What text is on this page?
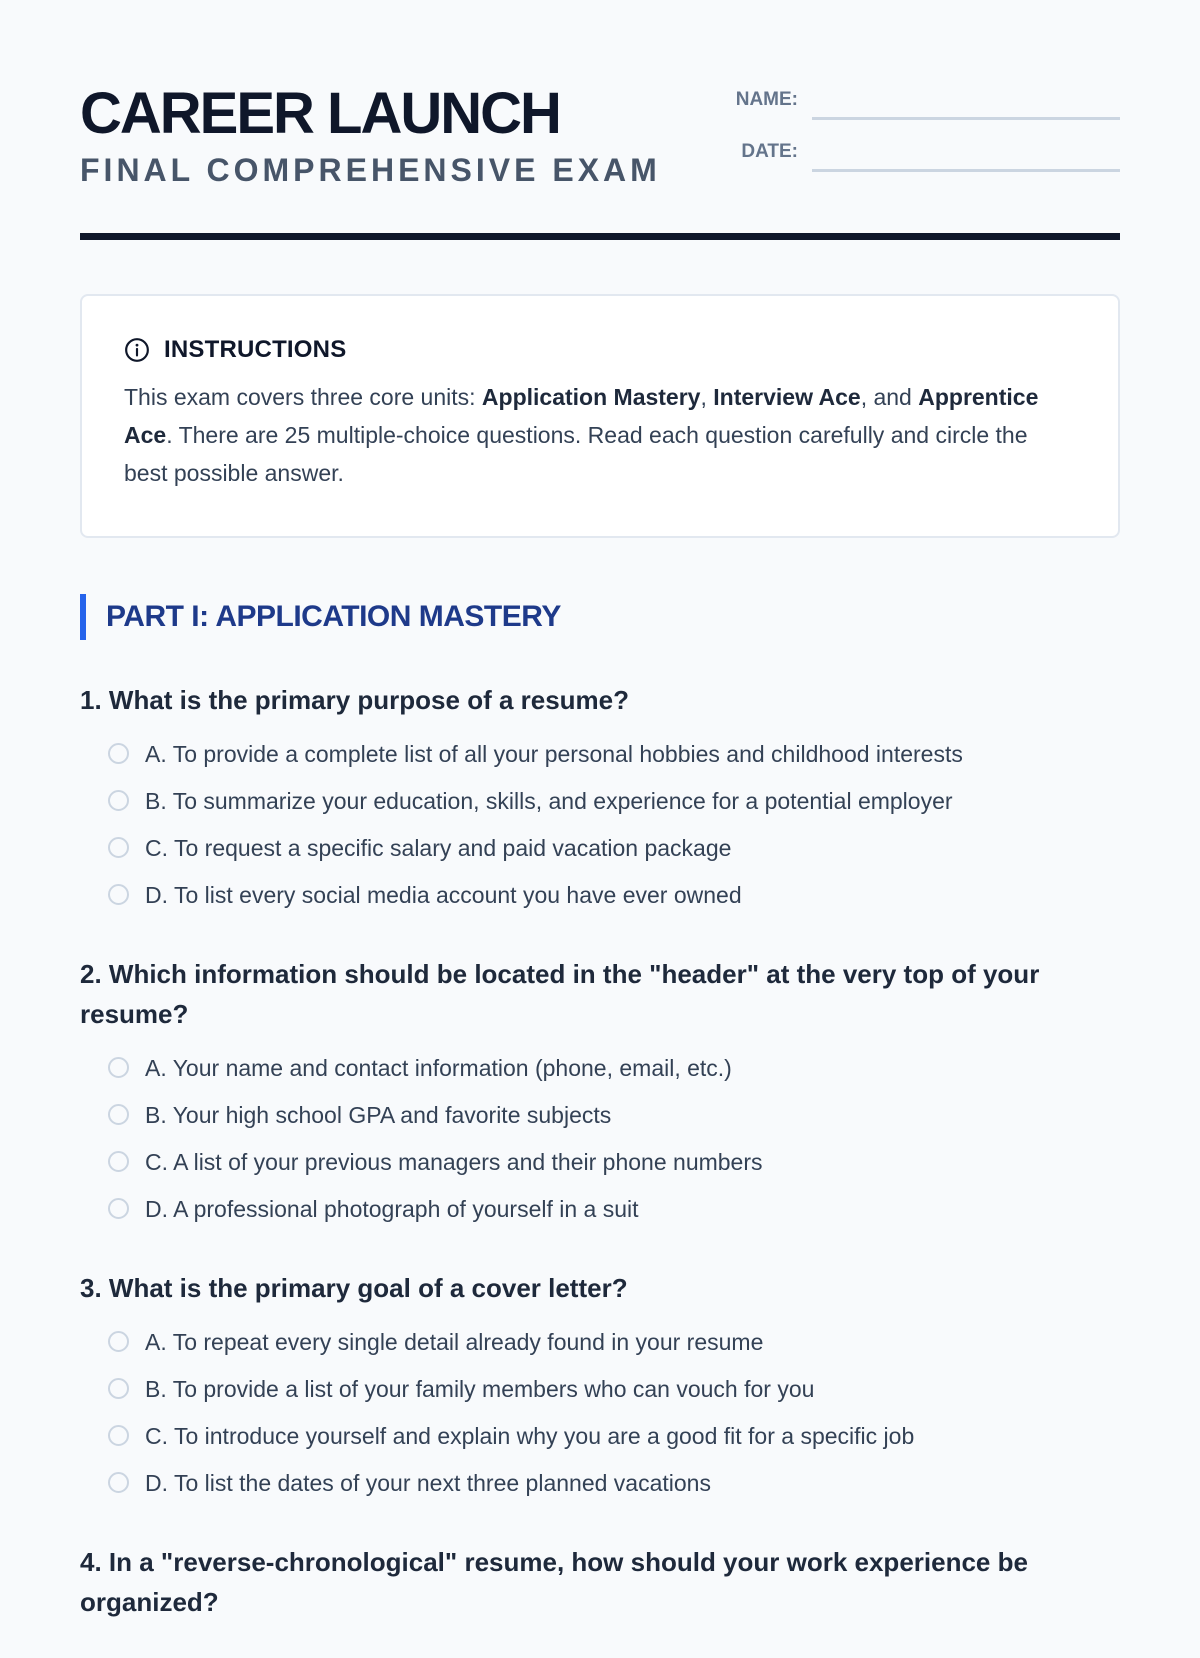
CAREER LAUNCH
FINAL COMPREHENSIVE EXAM
NAME:
DATE:
INSTRUCTIONS

This exam covers three core units: Application Mastery, Interview Ace, and Apprentice Ace. There are 25 multiple-choice questions. Read each question carefully and circle the best possible answer.

PART I: APPLICATION MASTERY

1. What is the primary purpose of a resume?

A. To provide a complete list of all your personal hobbies and childhood interests
B. To summarize your education, skills, and experience for a potential employer
C. To request a specific salary and paid vacation package
D. To list every social media account you have ever owned

2. Which information should be located in the "header" at the very top of your resume?

A. Your name and contact information (phone, email, etc.)
B. Your high school GPA and favorite subjects
C. A list of your previous managers and their phone numbers
D. A professional photograph of yourself in a suit

3. What is the primary goal of a cover letter?

A. To repeat every single detail already found in your resume
B. To provide a list of your family members who can vouch for you
C. To introduce yourself and explain why you are a good fit for a specific job
D. To list the dates of your next three planned vacations

4. In a "reverse-chronological" resume, how should your work experience be organized?
